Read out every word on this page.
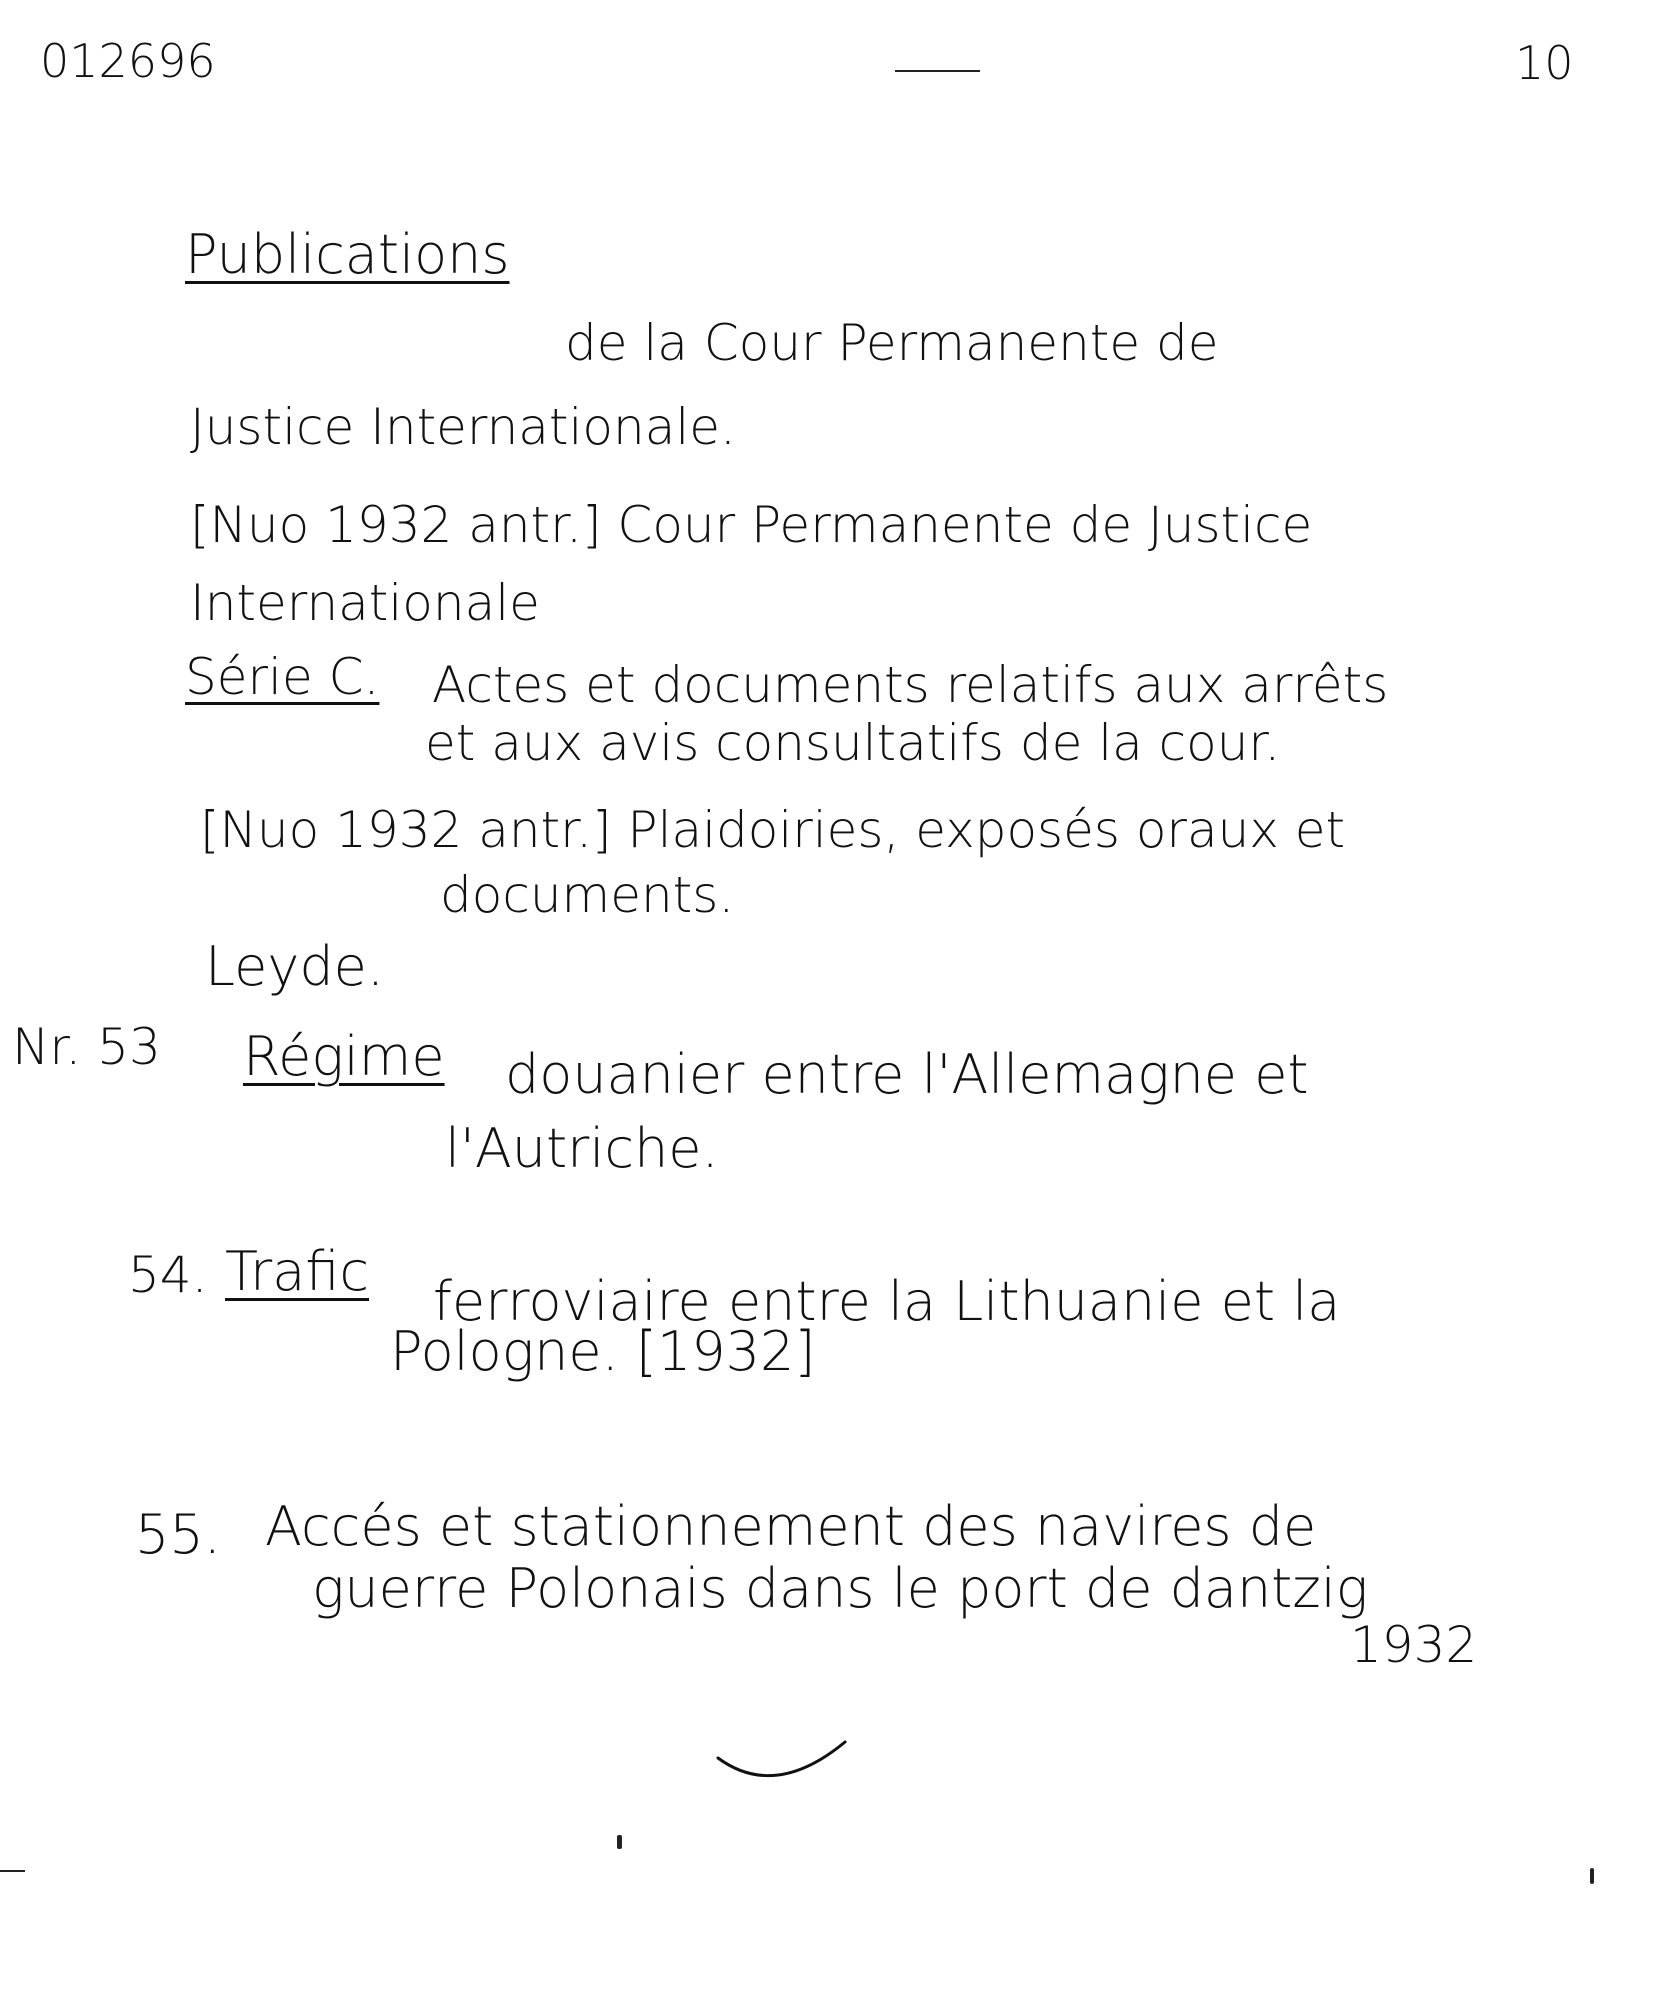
012696	10
Publications
de la Cour Permanente de
Justice Internationale.
[Nuo 1932 antr.] Cour Permanente de Justice
Internationale
Série C. Actes et documents relatifs aux arrêts
et aux avis consultatifs de la cour.
[Nuo 1932 antr.] Plaidoiries, exposés oraux et
documents.
Leyde.
Nr. 53 Régime douanier entre l'Allemagne et
l'Autriche.
54. Trafic ferroviaire entre la Lithuanie et la
Pologne. [1932]
55. Accés et stationnement des navires de
guerre Polonais dans le port de dantzig
1932
